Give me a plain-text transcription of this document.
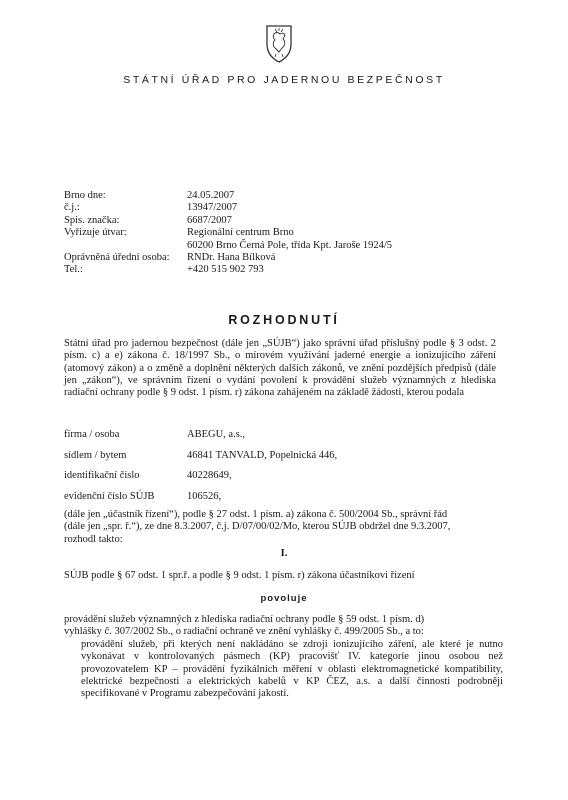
STÁTNÍ ÚŘAD PRO JADERNOU BEZPEČNOST
Brno dne:	24.05.2007
č.j.:	13947/2007
Spis. značka:	6687/2007
Vyřizuje útvar:	Regionální centrum Brno
60200 Brno Černá Pole, třída Kpt. Jaroše 1924/5
Oprávněná úřední osoba:	RNDr. Hana Bílková
Tel.:	+420 515 902 793
ROZHODNUTÍ
Státní úřad pro jadernou bezpečnost (dále jen „SÚJB“) jako správní úřad příslušný podle § 3 odst. 2 písm. c) a e) zákona č. 18/1997 Sb., o mírovém využívání jaderné energie a ionizujícího záření (atomový zákon) a o změně a doplnění některých dalších zákonů, ve znění pozdějších předpisů (dále jen „zákon“), ve správním řízení o vydání povolení k provádění služeb významných z hlediska radiační ochrany podle § 9 odst. 1 písm. r) zákona zahájeném na základě žádosti, kterou podala
firma / osoba	ABEGU, a.s.,
sídlem / bytem	46841 TANVALD, Popelnická 446,
identifikační číslo	40228649,
evidenční číslo SÚJB	106526,
(dále jen „účastník řízení“), podle § 27 odst. 1 písm. a) zákona č. 500/2004 Sb., správní řád
(dále jen „spr. ř.“), ze dne 8.3.2007, č.j. D/07/00/02/Mo, kterou SÚJB obdržel dne 9.3.2007,
rozhodl takto:
I.
SÚJB podle § 67 odst. 1 spr.ř. a podle § 9 odst. 1 písm. r) zákona účastníkovi řízení
povoluje
provádění služeb významných z hlediska radiační ochrany podle § 59 odst. 1 písm. d)
vyhlášky č. 307/2002 Sb., o radiační ochraně ve znění vyhlášky č. 499/2005 Sb., a to:
provádění služeb, při kterých není nakládáno se zdroji ionizujícího záření, ale které je nutno vykonávat v kontrolovaných pásmech (KP) pracovišť IV. kategorie jinou osobou než provozovatelem KP – provádění fyzikálních měření v oblasti elektromagnetické kompatibility, elektrické bezpečnosti a elektrických kabelů v KP ČEZ, a.s. a další činnosti podrobněji specifikované v Programu zabezpečování jakosti.
